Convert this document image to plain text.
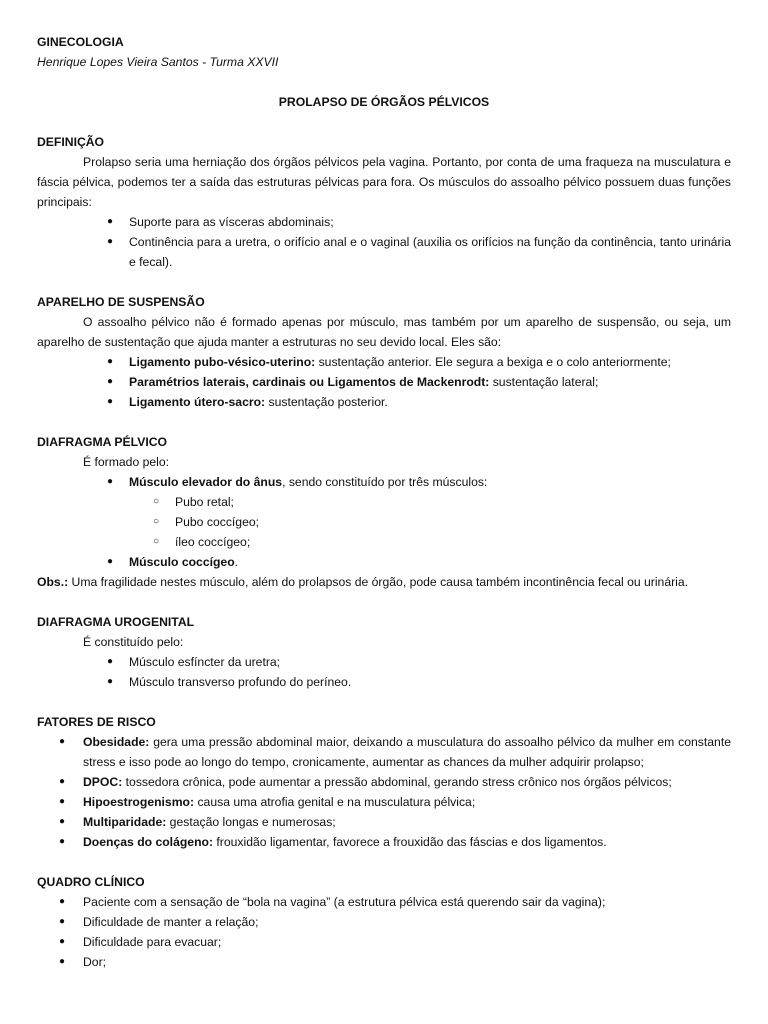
GINECOLOGIA

Henrique Lopes Vieira Santos - Turma XXVII

PROLAPSO DE ÓRGÃOS PÉLVICOS

DEFINIÇÃO

Prolapso seria uma herniação dos órgãos pélvicos pela vagina. Portanto, por conta de uma fraqueza na musculatura e fáscia pélvica, podemos ter a saída das estruturas pélvicas para fora. Os músculos do assoalho pélvico possuem duas funções principais:

● Suporte para as vísceras abdominais;
● Continência para a uretra, o orifício anal e o vaginal (auxilia os orifícios na função da continência, tanto urinária e fecal).

APARELHO DE SUSPENSÃO

O assoalho pélvico não é formado apenas por músculo, mas também por um aparelho de suspensão, ou seja, um aparelho de sustentação que ajuda manter a estruturas no seu devido local. Eles são:

● Ligamento pubo-vésico-uterino: sustentação anterior. Ele segura a bexiga e o colo anteriormente;
● Paramétrios laterais, cardinais ou Ligamentos de Mackenrodt: sustentação lateral;
● Ligamento útero-sacro: sustentação posterior.

DIAFRAGMA PÉLVICO

É formado pelo:

● Músculo elevador do ânus, sendo constituído por três músculos:
○ Pubo retal;
○ Pubo coccígeo;
○ íleo coccígeo;
● Músculo coccígeo.

Obs.: Uma fragilidade nestes músculo, além do prolapsos de órgão, pode causa também incontinência fecal ou urinária.

DIAFRAGMA UROGENITAL

É constituído pelo:

● Músculo esfíncter da uretra;
● Músculo transverso profundo do períneo.

FATORES DE RISCO

● Obesidade: gera uma pressão abdominal maior, deixando a musculatura do assoalho pélvico da mulher em constante stress e isso pode ao longo do tempo, cronicamente, aumentar as chances da mulher adquirir prolapso;
● DPOC: tossedora crônica, pode aumentar a pressão abdominal, gerando stress crônico nos órgãos pélvicos;
● Hipoestrogenismo: causa uma atrofia genital e na musculatura pélvica;
● Multiparidade: gestação longas e numerosas;
● Doenças do colágeno: frouxidão ligamentar, favorece a frouxidão das fáscias e dos ligamentos.

QUADRO CLÍNICO

● Paciente com a sensação de “bola na vagina” (a estrutura pélvica está querendo sair da vagina);
● Dificuldade de manter a relação;
● Dificuldade para evacuar;
● Dor;
